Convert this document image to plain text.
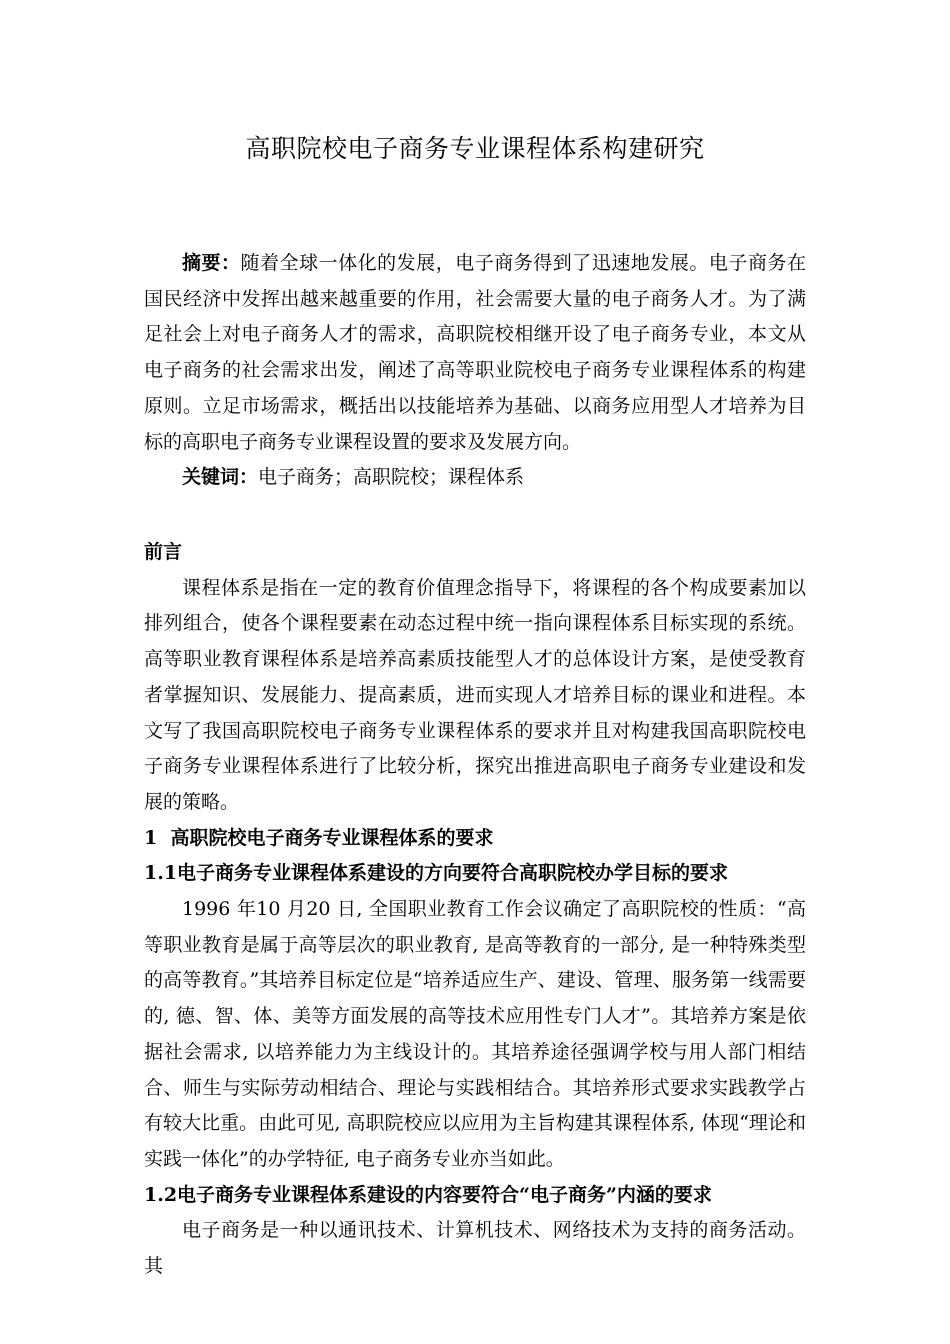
高职院校电子商务专业课程体系构建研究

摘要：随着全球一体化的发展，电子商务得到了迅速地发展。电子商务在国民经济中发挥出越来越重要的作用，社会需要大量的电子商务人才。为了满足社会上对电子商务人才的需求，高职院校相继开设了电子商务专业，本文从电子商务的社会需求出发，阐述了高等职业院校电子商务专业课程体系的构建原则。立足市场需求，概括出以技能培养为基础、以商务应用型人才培养为目标的高职电子商务专业课程设置的要求及发展方向。

关键词：电子商务；高职院校；课程体系

前言

课程体系是指在一定的教育价值理念指导下，将课程的各个构成要素加以排列组合，使各个课程要素在动态过程中统一指向课程体系目标实现的系统。高等职业教育课程体系是培养高素质技能型人才的总体设计方案，是使受教育者掌握知识、发展能力、提高素质，进而实现人才培养目标的课业和进程。本文写了我国高职院校电子商务专业课程体系的要求并且对构建我国高职院校电子商务专业课程体系进行了比较分析，探究出推进高职电子商务专业建设和发展的策略。

1  高职院校电子商务专业课程体系的要求

1.1电子商务专业课程体系建设的方向要符合高职院校办学目标的要求

1996 年10 月20 日, 全国职业教育工作会议确定了高职院校的性质：“高等职业教育是属于高等层次的职业教育, 是高等教育的一部分, 是一种特殊类型的高等教育。”其培养目标定位是“培养适应生产、建设、管理、服务第一线需要的, 德、智、体、美等方面发展的高等技术应用性专门人才”。其培养方案是依据社会需求, 以培养能力为主线设计的。其培养途径强调学校与用人部门相结合、师生与实际劳动相结合、理论与实践相结合。其培养形式要求实践教学占有较大比重。由此可见, 高职院校应以应用为主旨构建其课程体系, 体现“理论和实践一体化”的办学特征, 电子商务专业亦当如此。

1.2电子商务专业课程体系建设的内容要符合“电子商务”内涵的要求

电子商务是一种以通讯技术、计算机技术、网络技术为支持的商务活动。其
